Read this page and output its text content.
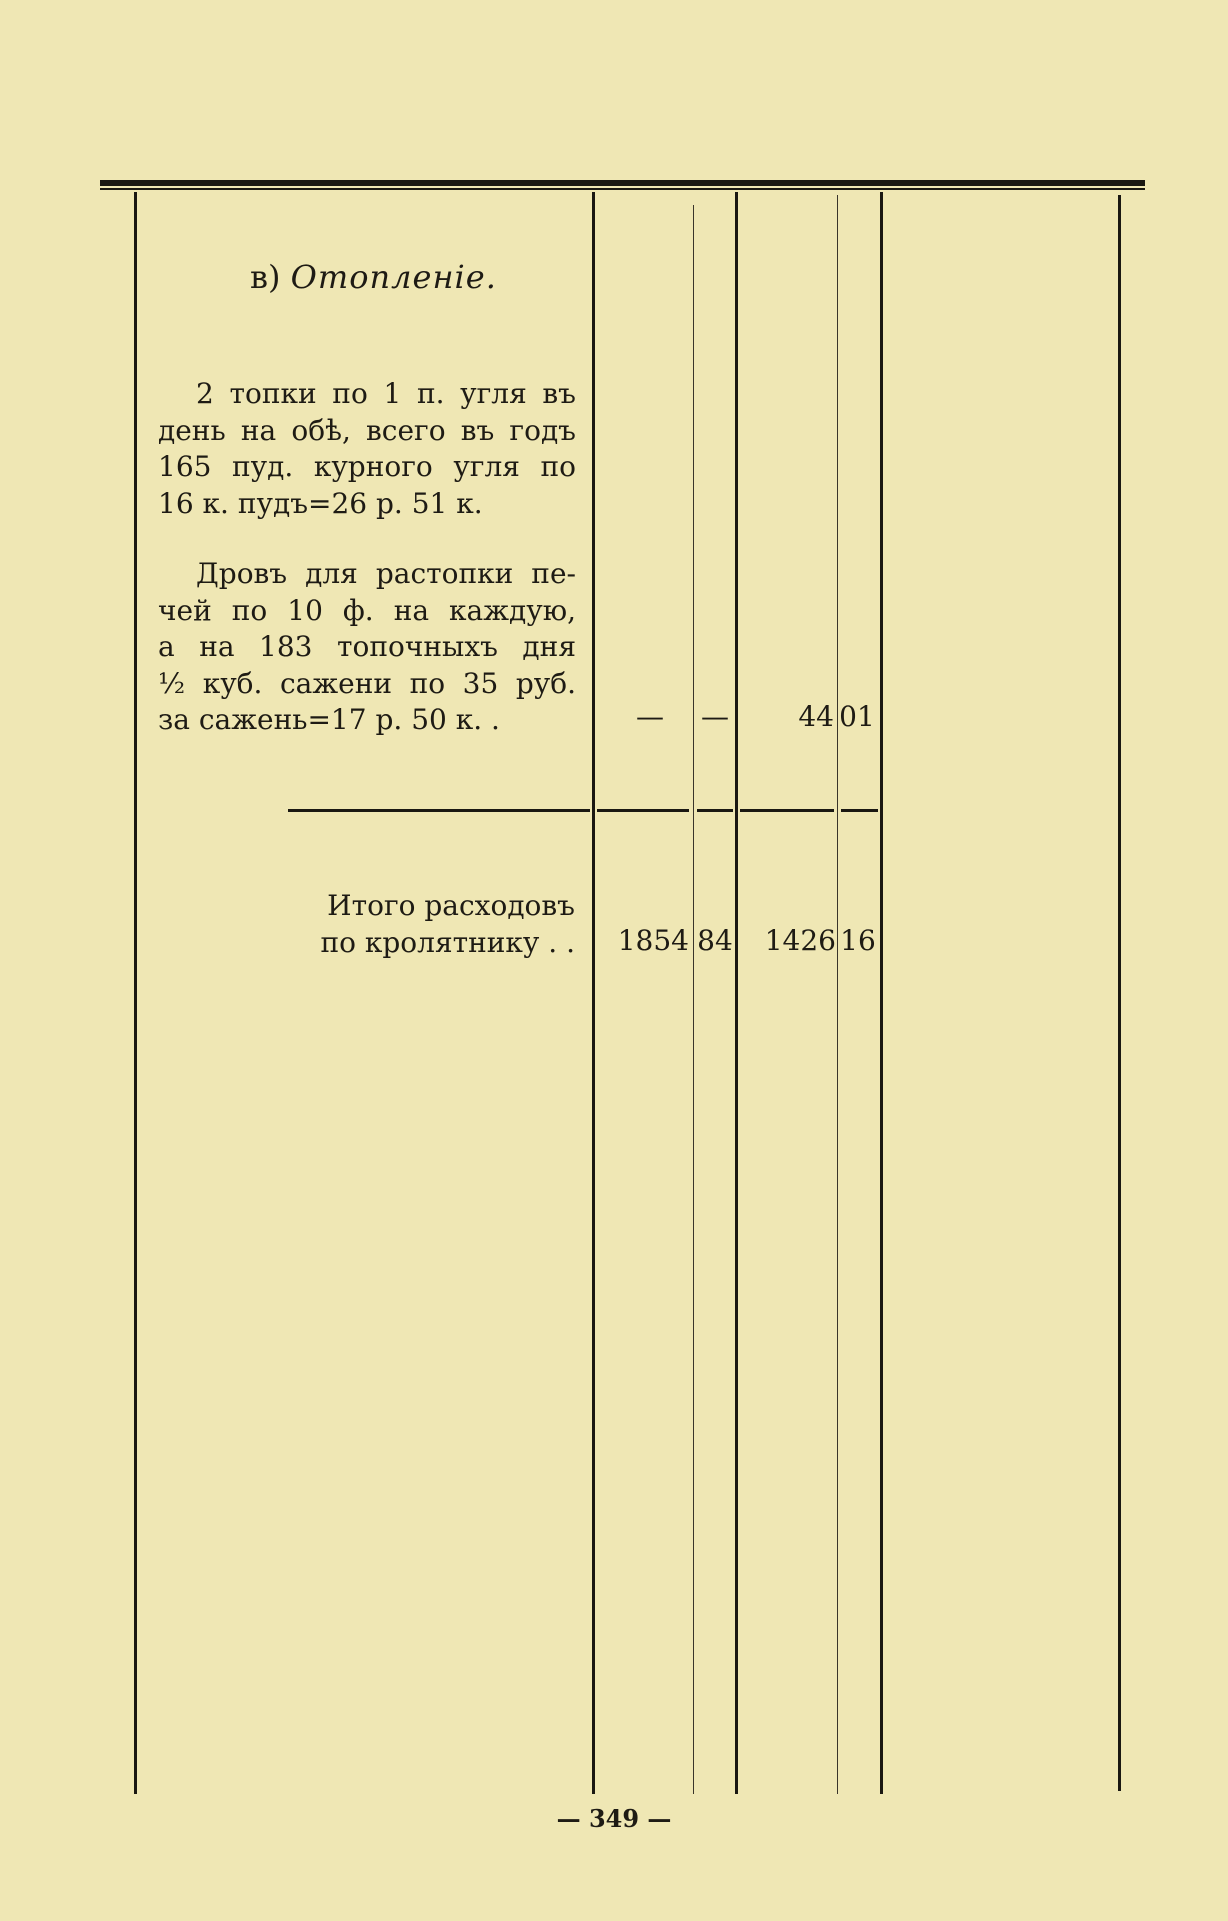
в) Отопленіе.
2 топки по 1 п. угля въ
день на обѣ, всего въ годъ
165 пуд. курного угля по
16 к. пудъ=26 р. 51 к.
Дровъ для растопки пе-
чей по 10 ф. на каждую,
а на 183 топочныхъ дня
½ куб. сажени по 35 руб.
за сажень=17 р. 50 к. .	—	—	44 01
Итого расходовъ
по кролятнику . .	1854 84	1426 16
— 349 —
